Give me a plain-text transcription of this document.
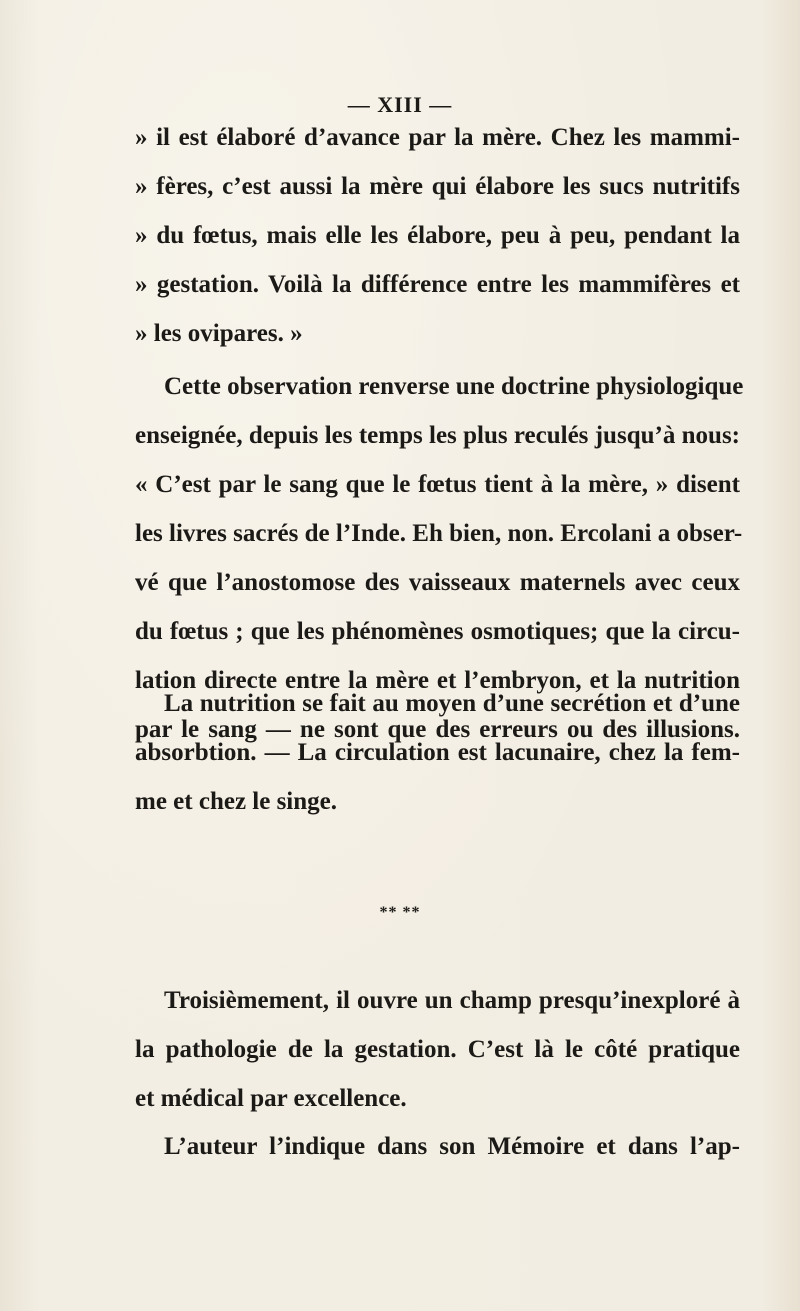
— XIII —
» il est élaboré d’avance par la mère. Chez les mammi-
» fères, c’est aussi la mère qui élabore les sucs nutritifs
» du fœtus, mais elle les élabore, peu à peu, pendant la
» gestation. Voilà la différence entre les mammifères et
» les ovipares. »
Cette observation renverse une doctrine physiologique
enseignée, depuis les temps les plus reculés jusqu’à nous:
« C’est par le sang que le fœtus tient à la mère, » disent
les livres sacrés de l’Inde. Eh bien, non. Ercolani a obser-
vé que l’anostomose des vaisseaux maternels avec ceux
du fœtus ; que les phénomènes osmotiques; que la circu-
lation directe entre la mère et l’embryon, et la nutrition
par le sang — ne sont que des erreurs ou des illusions.
La nutrition se fait au moyen d’une secrétion et d’une
absorbtion. — La circulation est lacunaire, chez la fem-
me et chez le singe.
** **
Troisièmement, il ouvre un champ presqu’inexploré à
la pathologie de la gestation. C’est là le côté pratique
et médical par excellence.
L’auteur l’indique dans son Mémoire et dans l’ap-
